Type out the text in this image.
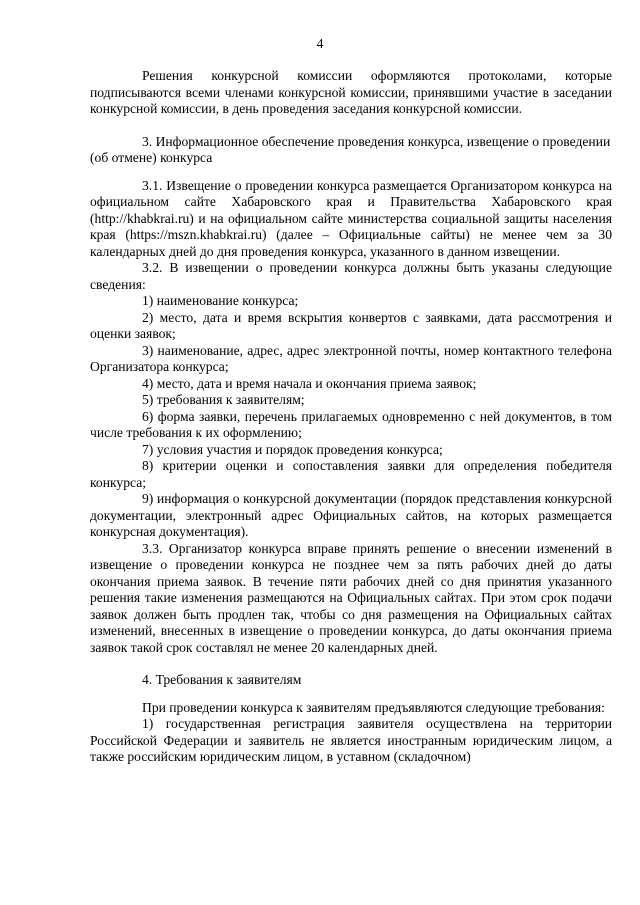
4

Решения конкурсной комиссии оформляются протоколами, которые подписываются всеми членами конкурсной комиссии, принявшими участие в заседании конкурсной комиссии, в день проведения заседания конкурсной комиссии.

3. Информационное обеспечение проведения конкурса, извещение о проведении (об отмене) конкурса

3.1. Извещение о проведении конкурса размещается Организатором конкурса на официальном сайте Хабаровского края и Правительства Хабаровского края (http://khabkrai.ru) и на официальном сайте министерства социальной защиты населения края (https://mszn.khabkrai.ru) (далее – Официальные сайты) не менее чем за 30 календарных дней до дня проведения конкурса, указанного в данном извещении.

3.2. В извещении о проведении конкурса должны быть указаны следующие сведения:

1) наименование конкурса;

2) место, дата и время вскрытия конвертов с заявками, дата рассмотрения и оценки заявок;

3) наименование, адрес, адрес электронной почты, номер контактного телефона Организатора конкурса;

4) место, дата и время начала и окончания приема заявок;

5) требования к заявителям;

6) форма заявки, перечень прилагаемых одновременно с ней документов, в том числе требования к их оформлению;

7) условия участия и порядок проведения конкурса;

8) критерии оценки и сопоставления заявки для определения победителя конкурса;

9) информация о конкурсной документации (порядок представления конкурсной документации, электронный адрес Официальных сайтов, на которых размещается конкурсная документация).

3.3. Организатор конкурса вправе принять решение о внесении изменений в извещение о проведении конкурса не позднее чем за пять рабочих дней до даты окончания приема заявок. В течение пяти рабочих дней со дня принятия указанного решения такие изменения размещаются на Официальных сайтах. При этом срок подачи заявок должен быть продлен так, чтобы со дня размещения на Официальных сайтах изменений, внесенных в извещение о проведении конкурса, до даты окончания приема заявок такой срок составлял не менее 20 календарных дней.

4. Требования к заявителям

При проведении конкурса к заявителям предъявляются следующие требования:

1) государственная регистрация заявителя осуществлена на территории Российской Федерации и заявитель не является иностранным юридическим лицом, а также российским юридическим лицом, в уставном (складочном)
